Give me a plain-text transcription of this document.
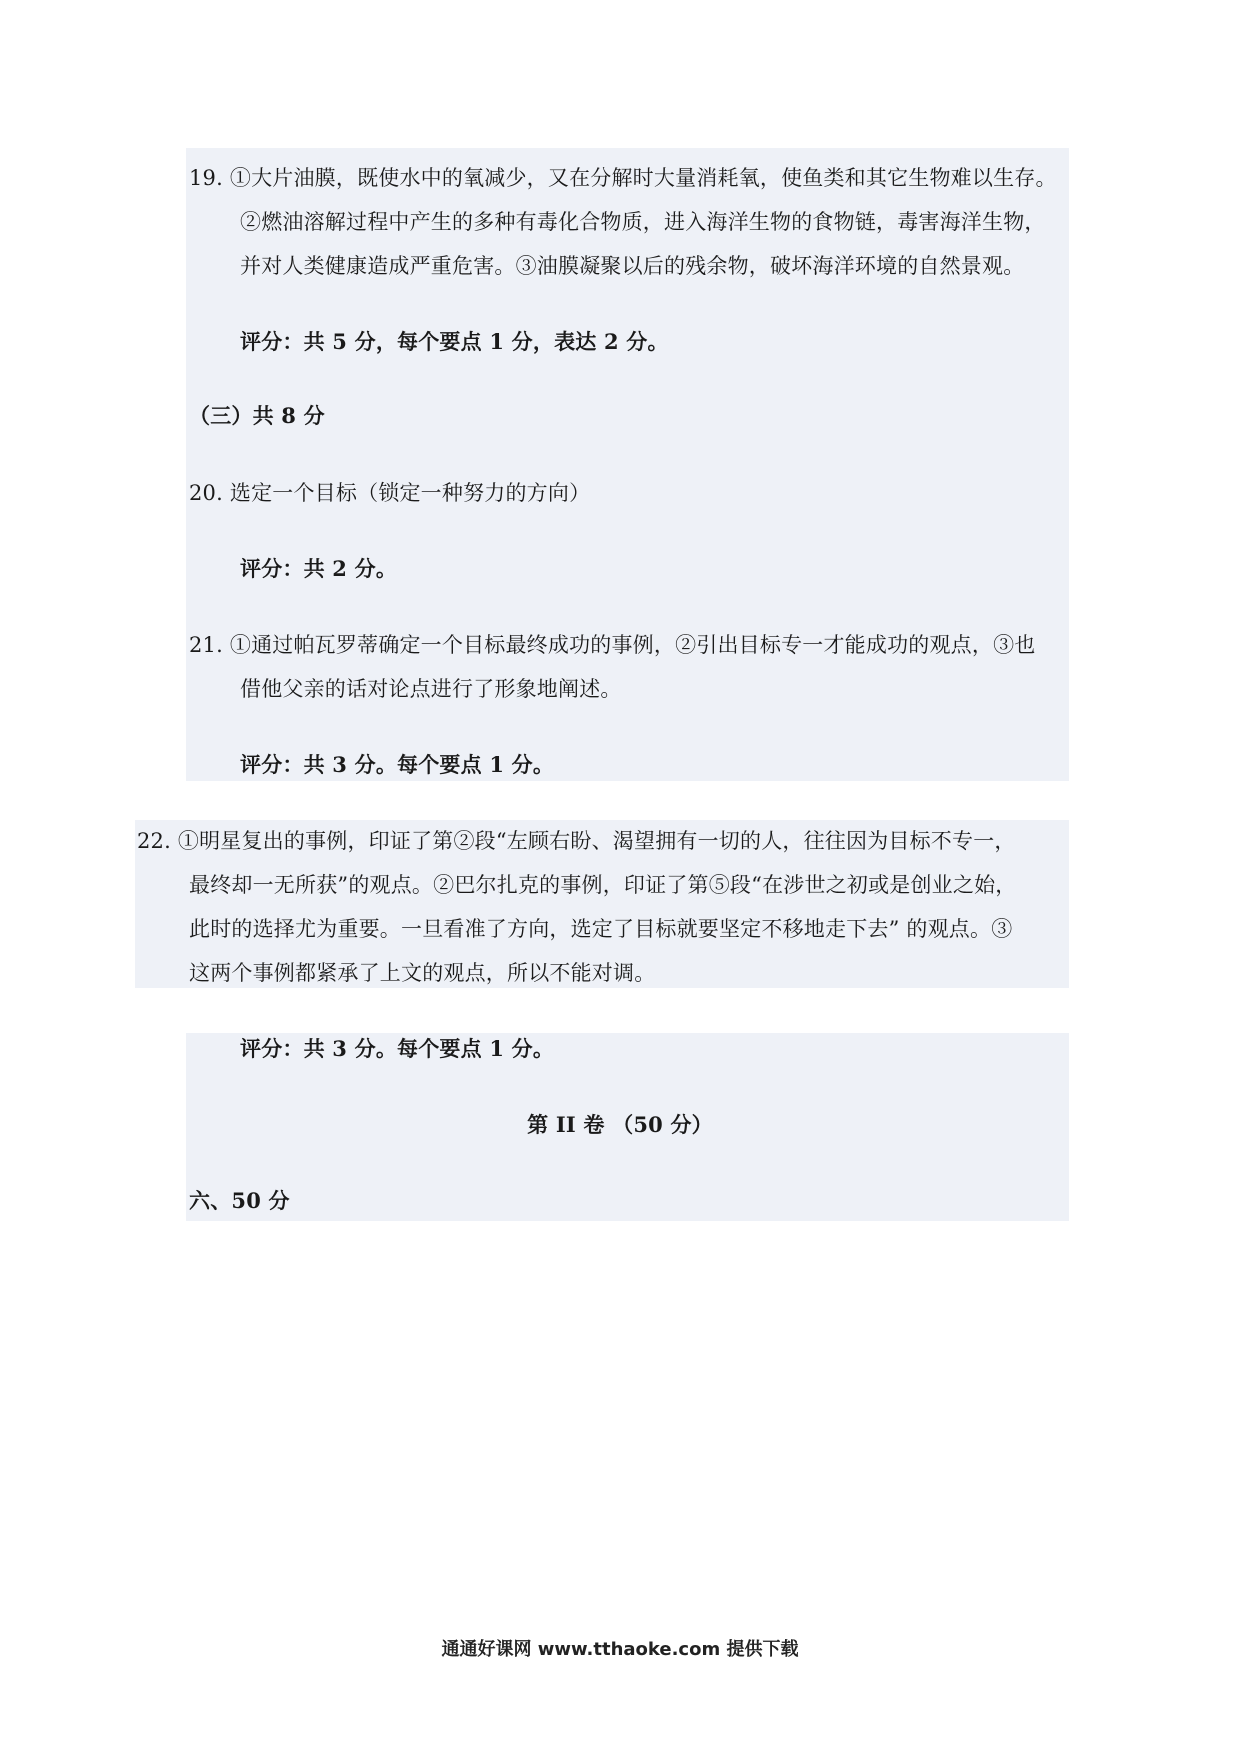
19. ①大片油膜，既使水中的氧减少，又在分解时大量消耗氧，使鱼类和其它生物难以生存。
②燃油溶解过程中产生的多种有毒化合物质，进入海洋生物的食物链，毒害海洋生物，
并对人类健康造成严重危害。③油膜凝聚以后的残余物，破坏海洋环境的自然景观。
评分：共 5 分，每个要点 1 分，表达 2 分。
（三）共 8 分
20. 选定一个目标（锁定一种努力的方向）
评分：共 2 分。
21. ①通过帕瓦罗蒂确定一个目标最终成功的事例，②引出目标专一才能成功的观点，③也
借他父亲的话对论点进行了形象地阐述。
评分：共 3 分。每个要点 1 分。
22. ①明星复出的事例，印证了第②段“左顾右盼、渴望拥有一切的人，往往因为目标不专一，
最终却一无所获”的观点。②巴尔扎克的事例，印证了第⑤段“在涉世之初或是创业之始，
此时的选择尤为重要。一旦看准了方向，选定了目标就要坚定不移地走下去” 的观点。③
这两个事例都紧承了上文的观点，所以不能对调。
评分：共 3 分。每个要点 1 分。
第 II 卷 （50 分）
六、50 分
通通好课网 www.tthaoke.com 提供下载
